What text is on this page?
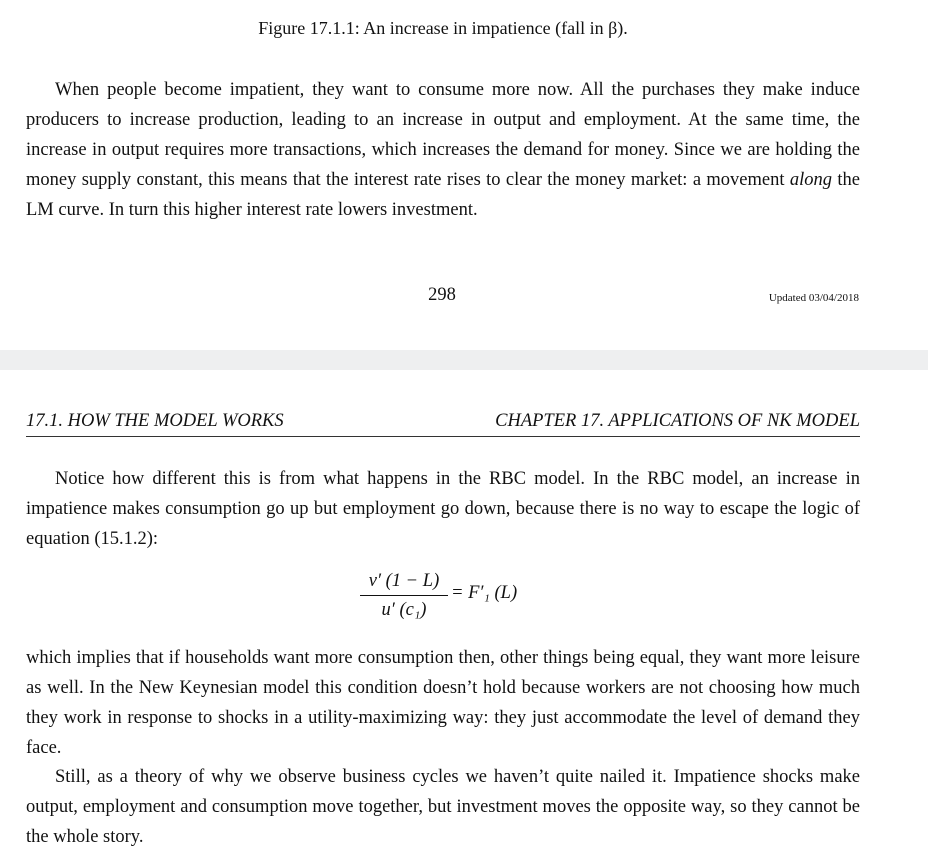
Figure 17.1.1: An increase in impatience (fall in β).

When people become impatient, they want to consume more now. All the purchases they make induce producers to increase production, leading to an increase in output and employment. At the same time, the increase in output requires more transactions, which increases the demand for money. Since we are holding the money supply constant, this means that the interest rate rises to clear the money market: a movement along the LM curve. In turn this higher interest rate lowers investment.

298	Updated 03/04/2018
17.1. HOW THE MODEL WORKS	CHAPTER 17. APPLICATIONS OF NK MODEL

Notice how different this is from what happens in the RBC model. In the RBC model, an increase in impatience makes consumption go up but employment go down, because there is no way to escape the logic of equation (15.1.2):

v′ (1 − L)
u′ (c₁)
= F′₁ (L)

which implies that if households want more consumption then, other things being equal, they want more leisure as well. In the New Keynesian model this condition doesn’t hold because workers are not choosing how much they work in response to shocks in a utility-maximizing way: they just accommodate the level of demand they face.

Still, as a theory of why we observe business cycles we haven’t quite nailed it. Impatience shocks make output, employment and consumption move together, but investment moves the opposite way, so they cannot be the whole story.
